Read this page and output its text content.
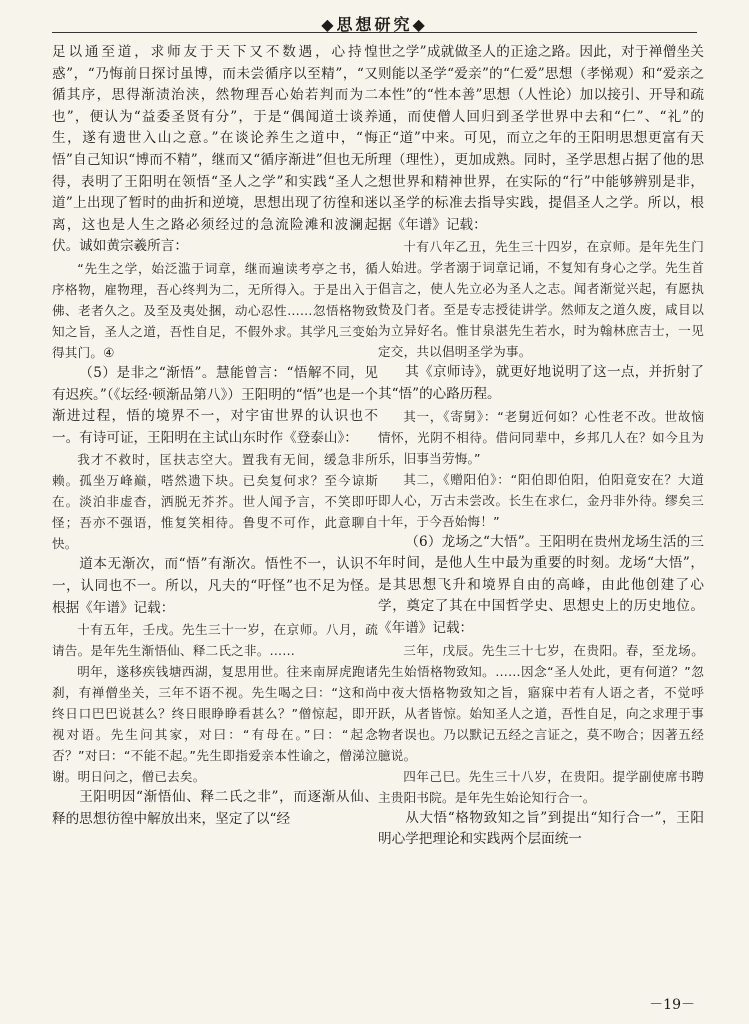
◆思想研究◆

足以通至道，求师友于天下又不数遇，心持惶惑”，“乃悔前日探讨虽博，而未尝循序以至精”，“又循其序，思得渐渍治浃，然物理吾心始若判而为二也”，便认为“益委圣贤有分”，于是“偶闻道士谈养生，遂有遗世入山之意。”在谈论养生之道中，“悔悟”自己知识“博而不精”，继而又“循序渐进”但也无所得，表明了王阳明在领悟“圣人之学”和实践“圣人之道”上出现了暂时的曲折和逆境，思想出现了彷徨和迷离，这也是人生之路必须经过的急流险滩和波澜起伏。诚如黄宗羲所言：

“先生之学，始泛滥于词章，继而遍读考亭之书，循序格物，雇物理，吾心终判为二，无所得入。于是出入于佛、老者久之。及至及夷处捆，动心忍性……忽悟格物致知之旨，圣人之道，吾性自足，不假外求。其学凡三变始得其门。④

（5）是非之“渐悟”。慧能曾言：“悟解不同，见有迟疾。”（《坛经·顿渐品第八》）王阳明的“悟”也是一个渐进过程，悟的境界不一，对宇宙世界的认识也不一。有诗可证，王阳明在主试山东时作《登泰山》：

我才不救时，匡扶志空大。置我有无间，缓急非所赖。孤坐万峰巅，嗒然遗下块。已矣复何求？至今谅斯在。淡泊非虚杳，洒脱无芥芥。世人闻予言，不笑即吁怪；吾亦不强语，惟复笑相待。鲁叟不可作，此意聊自快。

道本无渐次，而“悟”有渐次。悟性不一，认识不一，认同也不一。所以，凡夫的“吁怪”也不足为怪。根据《年谱》记载：

十有五年，壬戌。先生三十一岁，在京师。八月，疏请告。是年先生渐悟仙、释二氏之非。……

明年，遂移疾钱塘西湖，复思用世。往来南屏虎跑诸刹，有禅僧坐关，三年不语不视。先生喝之曰：“这和尚终日口巴巴说甚么？终日眼睁睁看甚么？”僧惊起，即开视对语。先生问其家，对曰：“有母在。”曰：“起念否？”对曰：“不能不起。”先生即指爱亲本性谕之，僧涕泣谢。明日问之，僧已去矣。

王阳明因“渐悟仙、释二氏之非”，而逐渐从仙、释的思想彷徨中解放出来，坚定了以“经

世之学”成就做圣人的正途之路。因此，对于禅僧坐关则能以圣学“爱亲”的“仁爱”思想（孝悌观）和“爱亲之本性”的“性本善”思想（人性论）加以接引、开导和疏通，而使僧人回归到圣学世界中去和“仁”、“礼”的正“道”中来。可见，而立之年的王阳明思想更富有天理（理性），更加成熟。同时，圣学思想占据了他的思想世界和精神世界，在实际的“行”中能够辨别是非，以圣学的标准去指导实践，提倡圣人之学。所以，根据《年谱》记载：

十有八年乙丑，先生三十四岁，在京师。是年先生门人始进。学者溺于词章记诵，不复知有身心之学。先生首倡言之，使人先立必为圣人之志。闻者渐觉兴起，有愿执贽及门者。至是专志授徒讲学。然师友之道久废，咸目以为立异好名。惟甘泉湛先生若水，时为翰林庶吉士，一见定交，共以倡明圣学为事。

其《京师诗》，就更好地说明了这一点，并折射了其“悟”的心路历程。

其一，《寄舅》：“老舅近何如？心性老不改。世故恼情怀，光阴不相待。借问同辈中，乡邦几人在？如今且为乐，旧事当劳悔。”

其二，《赠阳伯》：“阳伯即伯阳，伯阳竟安在？大道即人心，万古未尝改。长生在求仁，金丹非外待。缪矣三十年，于今吾始悔！”

（6）龙场之“大悟”。王阳明在贵州龙场生活的三年时间，是他人生中最为重要的时刻。龙场“大悟”，是其思想飞升和境界自由的高峰，由此他创建了心学，奠定了其在中国哲学史、思想史上的历史地位。《年谱》记载：

三年，戊辰。先生三十七岁，在贵阳。春，至龙场。先生始悟格物致知。……因念“圣人处此，更有何道？”忽中夜大悟格物致知之旨，寤寐中若有人语之者，不觉呼跃，从者皆惊。始知圣人之道，吾性自足，向之求理于事物者误也。乃以默记五经之言证之，莫不吻合；因著五经臆说。

四年己巳。先生三十八岁，在贵阳。提学副使席书聘主贵阳书院。是年先生始论知行合一。

从大悟“格物致知之旨”到提出“知行合一”，王阳明心学把理论和实践两个层面统一

－19－
